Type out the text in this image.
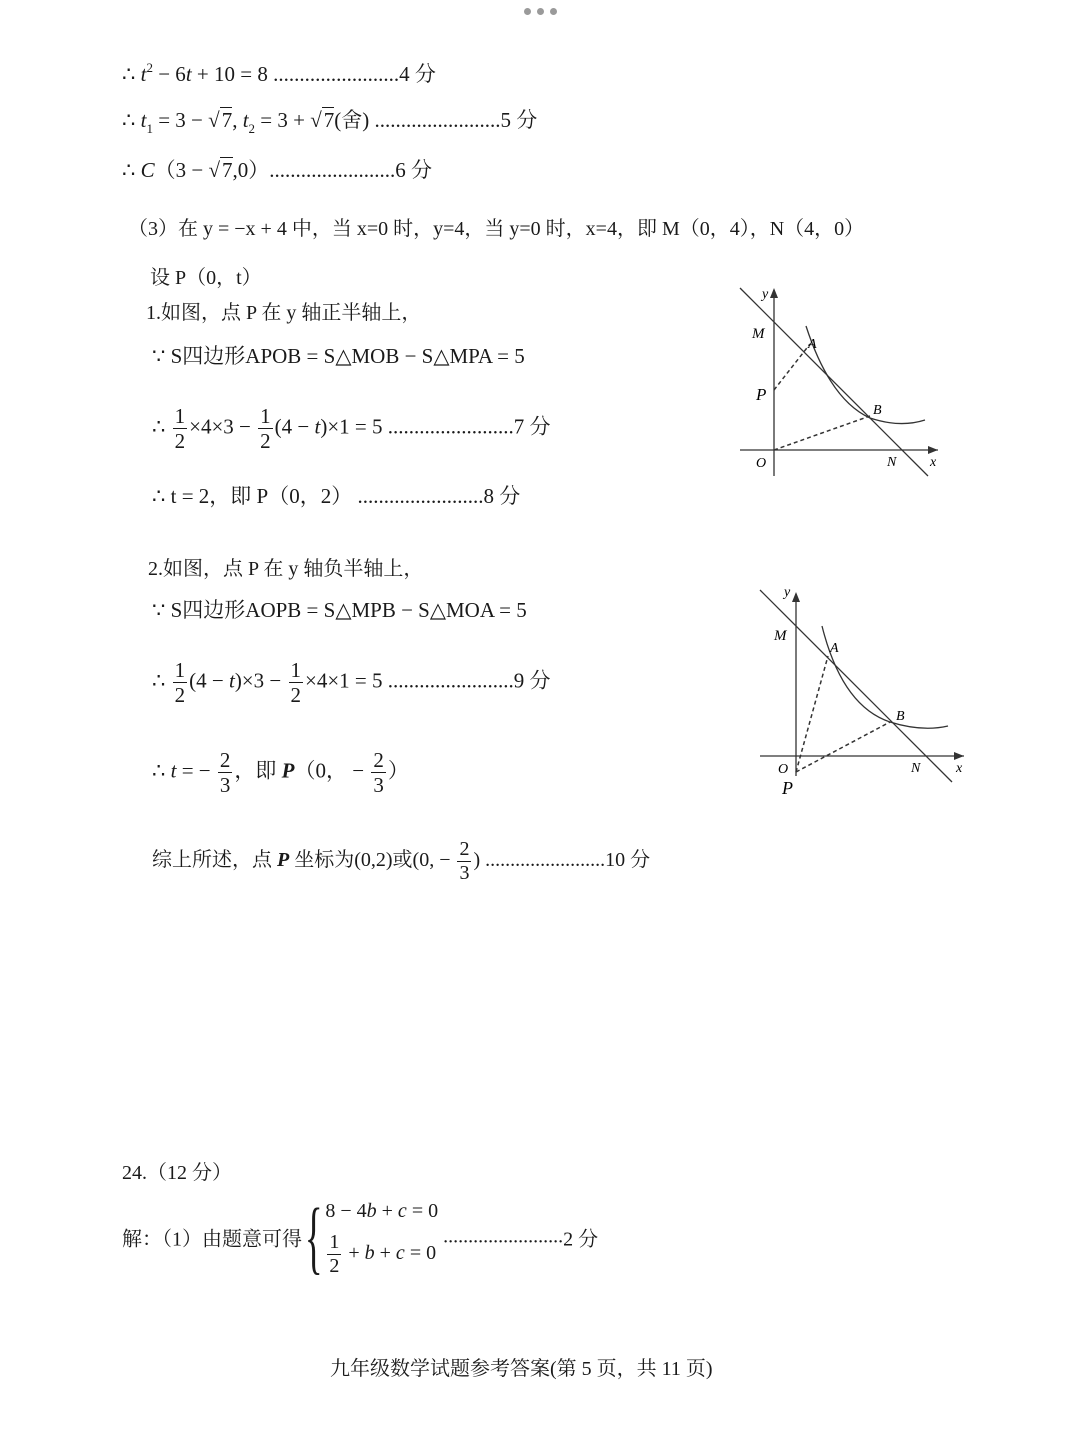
∴ $t^2 - 6t + 10 = 8$ ........................4 分
∴ $t_1 = 3 - √7$, $t_2 = 3 + √7$(舍) ........................5 分
∴ C（3 − √7,0）........................6 分
（3）在 y = −x + 4 中，当 x=0 时，y=4，当 y=0 时，x=4，即 M（0，4），N（4，0）
设 P（0，t）
1.如图，点 P 在 y 轴正半轴上，
∵ S四边形APOB = S△MOB − S△MPA = 5
∴ $\frac{1}{2} \times 4\times 3 - \frac{1}{2} (4 - t)\times 1 = 5$ ........................7 分
∴ t = 2，即 P（0，2） ........................8 分
2.如图，点 P 在 y 轴负半轴上，
∵ S四边形AOPB = S△MPB − S△MOA = 5
∴ $\frac{1}{2} (4 - t)\times 3 - \frac{1}{2} \times 4\times 1 = 5$ ........................9 分
∴ t = − $\frac{2}{3}$ ，即 P（0， − $\frac{2}{3}$ ）
综上所述，点 P 坐标为(0,2)或(0, − $\frac{2}{3}$ ) ........................10 分
24.（12 分）
解：（1）由题意可得{ 8 − 4b + c = 0
$\frac{1}{2} + b + c = 0$
........................2 分
九年级数学试题参考答案(第 5 页，共 11 页)
y
x
M
A
P
B
O	N
y
x
M
A
P
B
O	N
